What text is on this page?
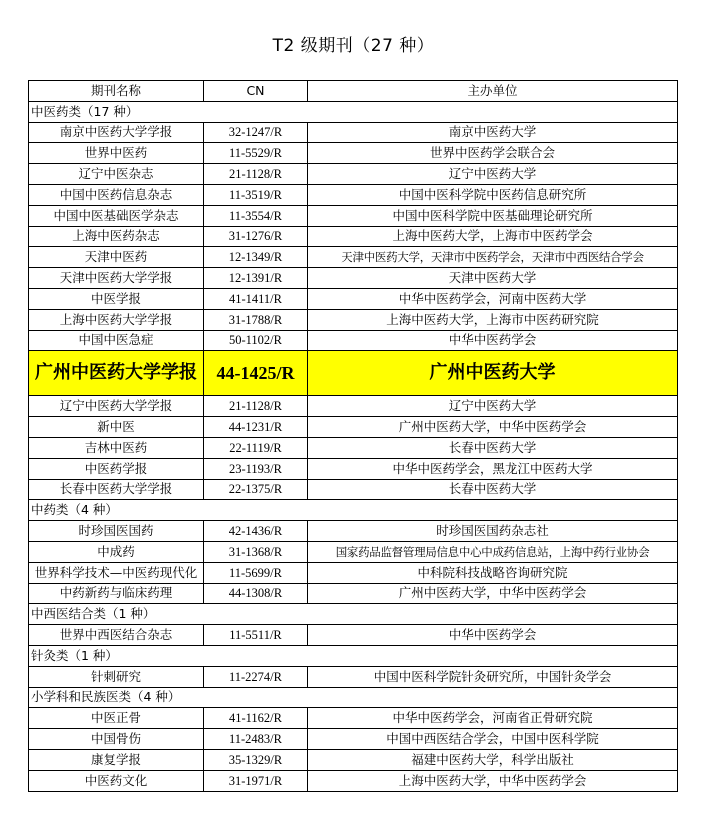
T2 级期刊（27 种）
期刊名称	CN	主办单位
中医药类（17 种）		
南京中医药大学学报	32-1247/R	南京中医药大学
世界中医药	11-5529/R	世界中医药学会联合会
辽宁中医杂志	21-1128/R	辽宁中医药大学
中国中医药信息杂志	11-3519/R	中国中医科学院中医药信息研究所
中国中医基础医学杂志	11-3554/R	中国中医科学院中医基础理论研究所
上海中医药杂志	31-1276/R	上海中医药大学，上海市中医药学会
天津中医药	12-1349/R	天津中医药大学，天津市中医药学会，天津市中西医结合学会
天津中医药大学学报	12-1391/R	天津中医药大学
中医学报	41-1411/R	中华中医药学会，河南中医药大学
上海中医药大学学报	31-1788/R	上海中医药大学，上海市中医药研究院
中国中医急症	50-1102/R	中华中医药学会
广州中医药大学学报	44-1425/R	广州中医药大学
辽宁中医药大学学报	21-1128/R	辽宁中医药大学
新中医	44-1231/R	广州中医药大学，中华中医药学会
吉林中医药	22-1119/R	长春中医药大学
中医药学报	23-1193/R	中华中医药学会，黑龙江中医药大学
长春中医药大学学报	22-1375/R	长春中医药大学
中药类（4 种）		
时珍国医国药	42-1436/R	时珍国医国药杂志社
中成药	31-1368/R	国家药品监督管理局信息中心中成药信息站，上海中药行业协会
世界科学技术—中医药现代化	11-5699/R	中科院科技战略咨询研究院
中药新药与临床药理	44-1308/R	广州中医药大学，中华中医药学会
中西医结合类（1 种）		
世界中西医结合杂志	11-5511/R	中华中医药学会
针灸类（1 种）		
针刺研究	11-2274/R	中国中医科学院针灸研究所，中国针灸学会
小学科和民族医类（4 种）		
中医正骨	41-1162/R	中华中医药学会，河南省正骨研究院
中国骨伤	11-2483/R	中国中西医结合学会，中国中医科学院
康复学报	35-1329/R	福建中医药大学，科学出版社
中医药文化	31-1971/R	上海中医药大学，中华中医药学会
